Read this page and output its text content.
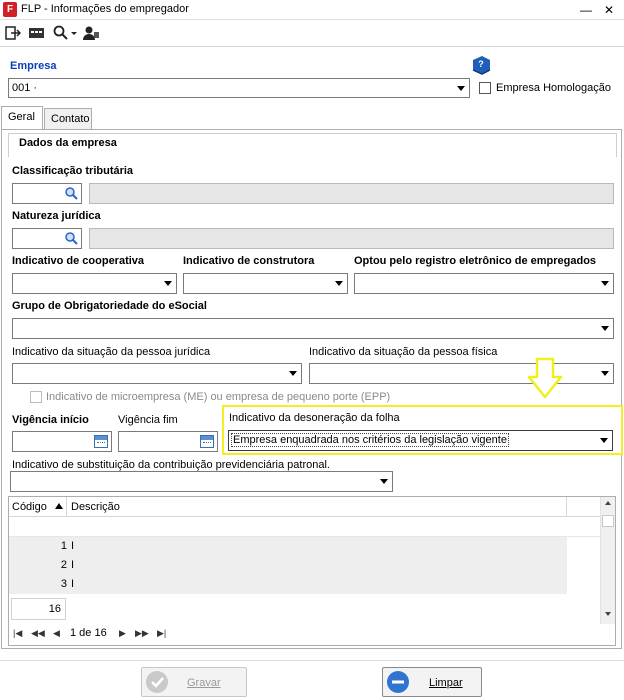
F FLP - Informações do empregador	— ✕
Empresa	?
001 ·	Empresa Homologação
Geral	Contato
Dados da empresa
Classificação tributária
Natureza jurídica
Indicativo de cooperativa	Indicativo de construtora	Optou pelo registro eletrônico de empregados
Grupo de Obrigatoriedade do eSocial
Indicativo da situação da pessoa jurídica	Indicativo da situação da pessoa física
Indicativo de microempresa (ME) ou empresa de pequeno porte (EPP)
Vigência início	Vigência fim	Indicativo da desoneração da folha
Empresa enquadrada nos critérios da legislação vigente
Indicativo de substituição da contribuição previdenciária patronal.
Código Descrição
1 I
2 I
3 I
16
|◀ ◀◀ ◀ 1 de 16 ▶ ▶▶ ▶|
Gravar	Limpar
